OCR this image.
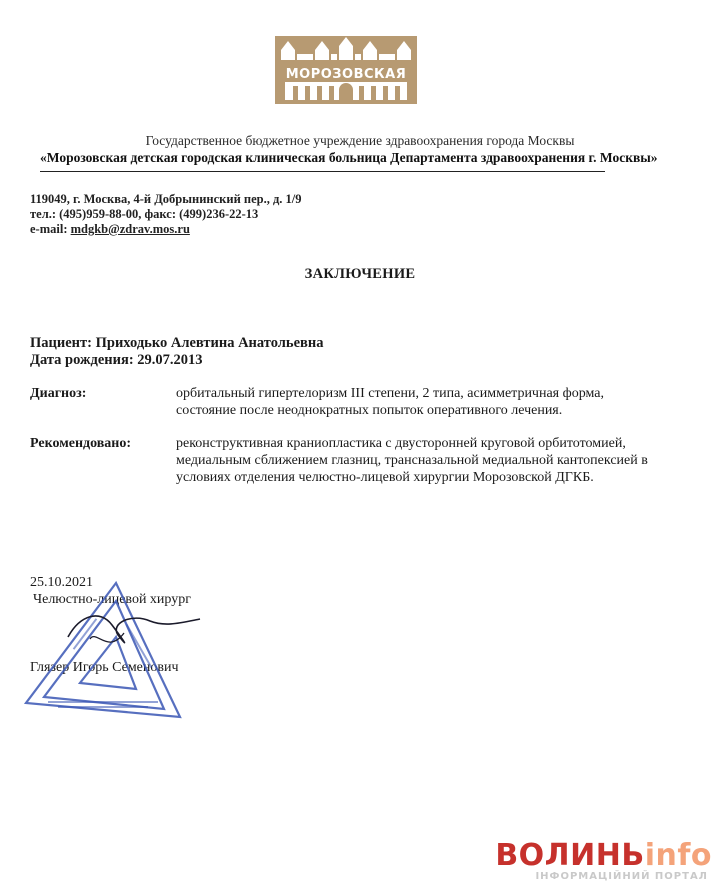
МОРОЗОВСКАЯ
Государственное бюджетное учреждение здравоохранения города Москвы
«Морозовская детская городская клиническая больница Департамента здравоохранения г. Москвы»
119049, г. Москва, 4-й Добрынинский пер., д. 1/9
тел.: (495)959-88-00, факс: (499)236-22-13
e-mail: mdgkb@zdrav.mos.ru
ЗАКЛЮЧЕНИЕ
Пациент: Приходько Алевтина Анатольевна
Дата рождения: 29.07.2013
Диагноз:	орбитальный гипертелоризм III степени, 2 типа, асимметричная форма,
состояние после неоднократных попыток оперативного лечения.
Рекомендовано:	реконструктивная краниопластика с двусторонней круговой орбитотомией,
медиальным сближением глазниц, трансназальной медиальной кантопексией в
условиях отделения челюстно-лицевой хирургии Морозовской ДГКБ.
25.10.2021
Челюстно-лицевой хирург
Глязер Игорь Семенович
ВОЛИНЬinfo
ІНФОРМАЦІЙНИЙ ПОРТАЛ
